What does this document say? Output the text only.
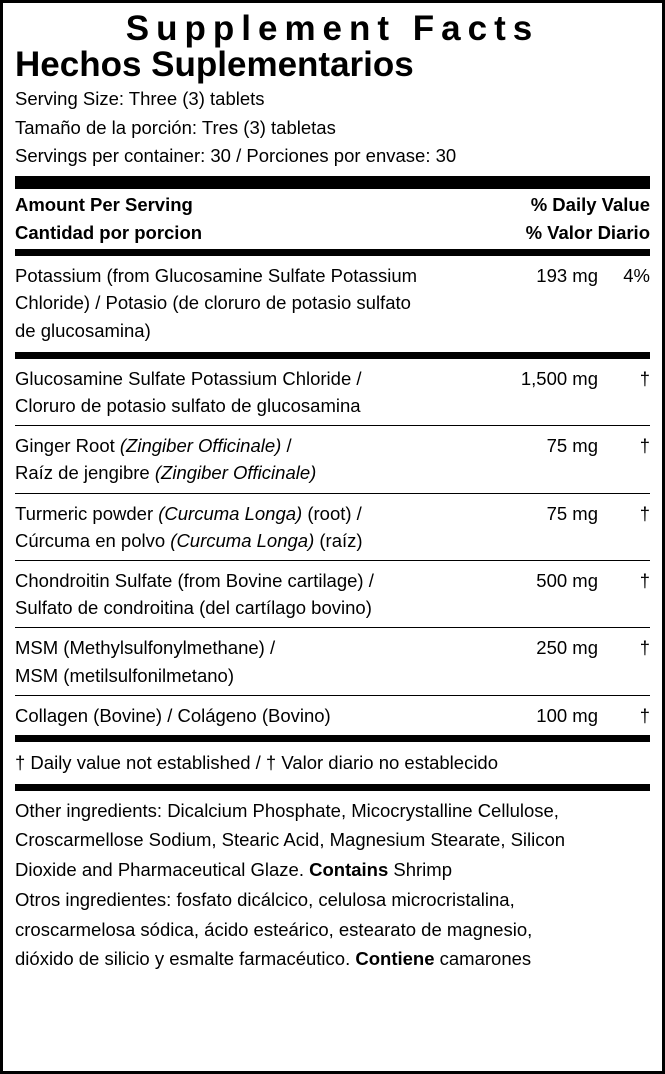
Supplement Facts
Hechos Suplementarios
Serving Size: Three (3) tablets
Tamaño de la porción: Tres (3) tabletas
Servings per container: 30 / Porciones por envase: 30
Amount Per Serving	% Daily Value
Cantidad por porcion	% Valor Diario
Potassium (from Glucosamine Sulfate Potassium
Chloride) / Potasio (de cloruro de potasio sulfato
de glucosamina)
193 mg	4%
Glucosamine Sulfate Potassium Chloride /
Cloruro de potasio sulfato de glucosamina
1,500 mg	†
Ginger Root (Zingiber Officinale) /
Raíz de jengibre (Zingiber Officinale)
75 mg	†
Turmeric powder (Curcuma Longa) (root) /
Cúrcuma en polvo (Curcuma Longa) (raíz)
75 mg	†
Chondroitin Sulfate (from Bovine cartilage) /
Sulfato de condroitina (del cartílago bovino)
500 mg	†
MSM (Methylsulfonylmethane) /
MSM (metilsulfonilmetano)
250 mg	†
Collagen (Bovine) / Colágeno (Bovino)	100 mg	†
† Daily value not established / † Valor diario no establecido

Other ingredients: Dicalcium Phosphate, Micocrystalline Cellulose,

Croscarmellose Sodium, Stearic Acid, Magnesium Stearate, Silicon

Dioxide and Pharmaceutical Glaze. Contains Shrimp

Otros ingredientes: fosfato dicálcico, celulosa microcristalina,

croscarmelosa sódica, ácido esteárico, estearato de magnesio,

dióxido de silicio y esmalte farmacéutico. Contiene camarones
